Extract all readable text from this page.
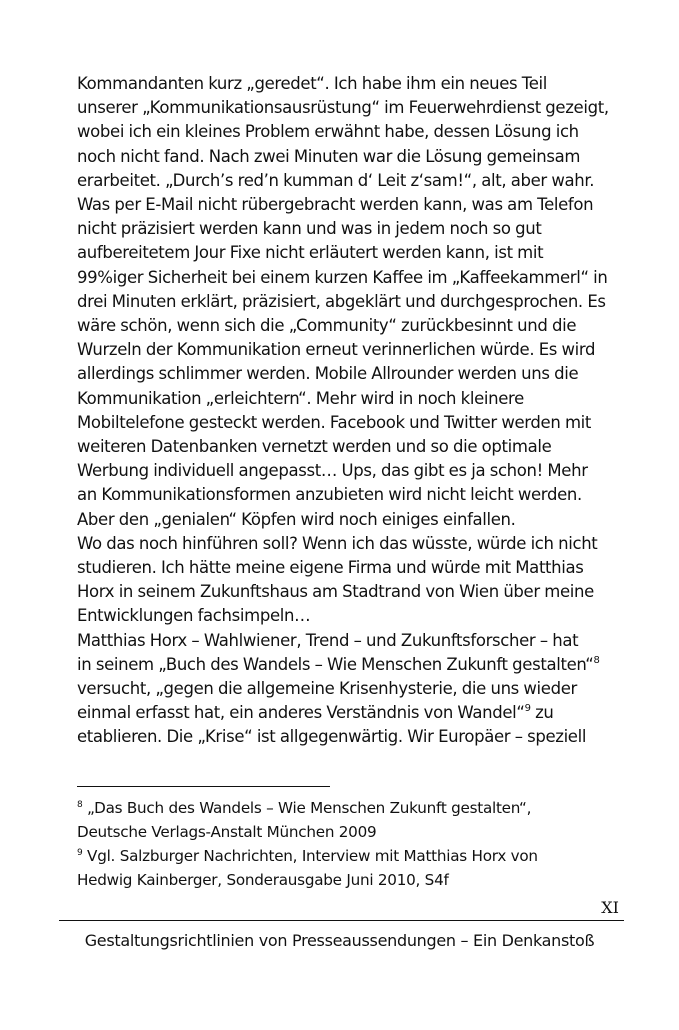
Kommandanten kurz „geredet“. Ich habe ihm ein neues Teil
unserer „Kommunikationsausrüstung“ im Feuerwehrdienst gezeigt,
wobei ich ein kleines Problem erwähnt habe, dessen Lösung ich
noch nicht fand. Nach zwei Minuten war die Lösung gemeinsam
erarbeitet. „Durch’s red’n kumman d‘ Leit z‘sam!“, alt, aber wahr.
Was per E-Mail nicht rübergebracht werden kann, was am Telefon
nicht präzisiert werden kann und was in jedem noch so gut
aufbereitetem Jour Fixe nicht erläutert werden kann, ist mit
99%iger Sicherheit bei einem kurzen Kaffee im „Kaffeekammerl“ in
drei Minuten erklärt, präzisiert, abgeklärt und durchgesprochen. Es
wäre schön, wenn sich die „Community“ zurückbesinnt und die
Wurzeln der Kommunikation erneut verinnerlichen würde. Es wird
allerdings schlimmer werden. Mobile Allrounder werden uns die
Kommunikation „erleichtern“. Mehr wird in noch kleinere
Mobiltelefone gesteckt werden. Facebook und Twitter werden mit
weiteren Datenbanken vernetzt werden und so die optimale
Werbung individuell angepasst… Ups, das gibt es ja schon! Mehr
an Kommunikationsformen anzubieten wird nicht leicht werden.
Aber den „genialen“ Köpfen wird noch einiges einfallen.
Wo das noch hinführen soll? Wenn ich das wüsste, würde ich nicht
studieren. Ich hätte meine eigene Firma und würde mit Matthias
Horx in seinem Zukunftshaus am Stadtrand von Wien über meine
Entwicklungen fachsimpeln…
Matthias Horx – Wahlwiener, Trend – und Zukunftsforscher – hat
in seinem „Buch des Wandels – Wie Menschen Zukunft gestalten“$^8$
versucht, „gegen die allgemeine Krisenhysterie, die uns wieder
einmal erfasst hat, ein anderes Verständnis von Wandel“$^9$ zu
etablieren. Die „Krise“ ist allgegenwärtig. Wir Europäer – speziell
$^8$ „Das Buch des Wandels – Wie Menschen Zukunft gestalten“,
Deutsche Verlags-Anstalt München 2009
$^9$ Vgl. Salzburger Nachrichten, Interview mit Matthias Horx von
Hedwig Kainberger, Sonderausgabe Juni 2010, S4f
XI
Gestaltungsrichtlinien von Presseaussendungen – Ein Denkanstoß
